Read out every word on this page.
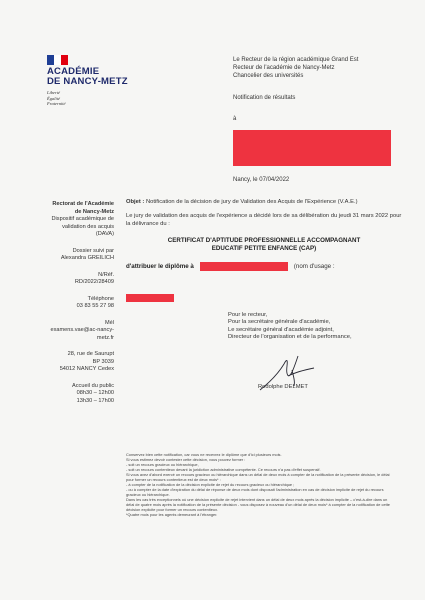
ACADÉMIE
DE NANCY-METZ
Liberté
Égalité
Fraternité
Le Recteur de la région académique Grand Est
Recteur de l'académie de Nancy-Metz
Chancelier des universités
Notification de résultats
à
Nancy, le 07/04/2022
Rectorat de l'Académie
de Nancy-Metz
Dispositif académique de
validation des acquis
(DAVA)
Dossier suivi par
Alexandra GREILICH
N/Réf.
RD/2022/28409
Téléphone
03 83 55 27 98
Mél
examens.vae@ac-nancy-
metz.fr
28, rue de Saurupt
BP 3039
54012 NANCY Cedex
Accueil du public
08h30 – 12h00
13h30 – 17h00
Objet : Notification de la décision de jury de Validation des Acquis de l'Expérience (V.A.E.)
Le jury de validation des acquis de l'expérience a décidé lors de sa délibération du jeudi 31 mars 2022 pour la délivrance du :
CERTIFICAT D'APTITUDE PROFESSIONNELLE ACCOMPAGNANT
EDUCATIF PETITE ENFANCE (CAP)
d'attribuer le diplôme à	(nom d'usage :
Pour le recteur,
Pour la secrétaire générale d'académie,
Le secrétaire général d'académie adjoint,
Directeur de l'organisation et de la performance,
Rodolphe DELMET

Conservez bien cette notification, car vous ne recevrez le diplôme que d'ici plusieurs mois.

Si vous estimez devoir contester cette décision, vous pouvez former :

- soit un recours gracieux ou hiérarchique,

- soit un recours contentieux devant la juridiction administrative compétente. Ce recours n'a pas d'effet suspensif.

Si vous avez d'abord exercé un recours gracieux ou hiérarchique dans un délai de deux mois à compter de la notification de la présente décision, le délai pour former un recours contentieux est de deux mois* :

- à compter de la notification de la décision explicite de rejet du recours gracieux ou hiérarchique ;

- ou à compter de la date d'expiration du délai de réponse de deux mois dont disposait l'administration en cas de décision implicite de rejet du recours gracieux ou hiérarchique.

Dans les cas très exceptionnels où une décision explicite de rejet intervient dans un délai de deux mois après la décision implicite – c'est-à-dire dans un délai de quatre mois après la notification de la présente décision - vous disposez à nouveau d'un délai de deux mois* à compter de la notification de cette décision explicite pour former un recours contentieux.

*Quatre mois pour les agents demeurant à l'étranger.
